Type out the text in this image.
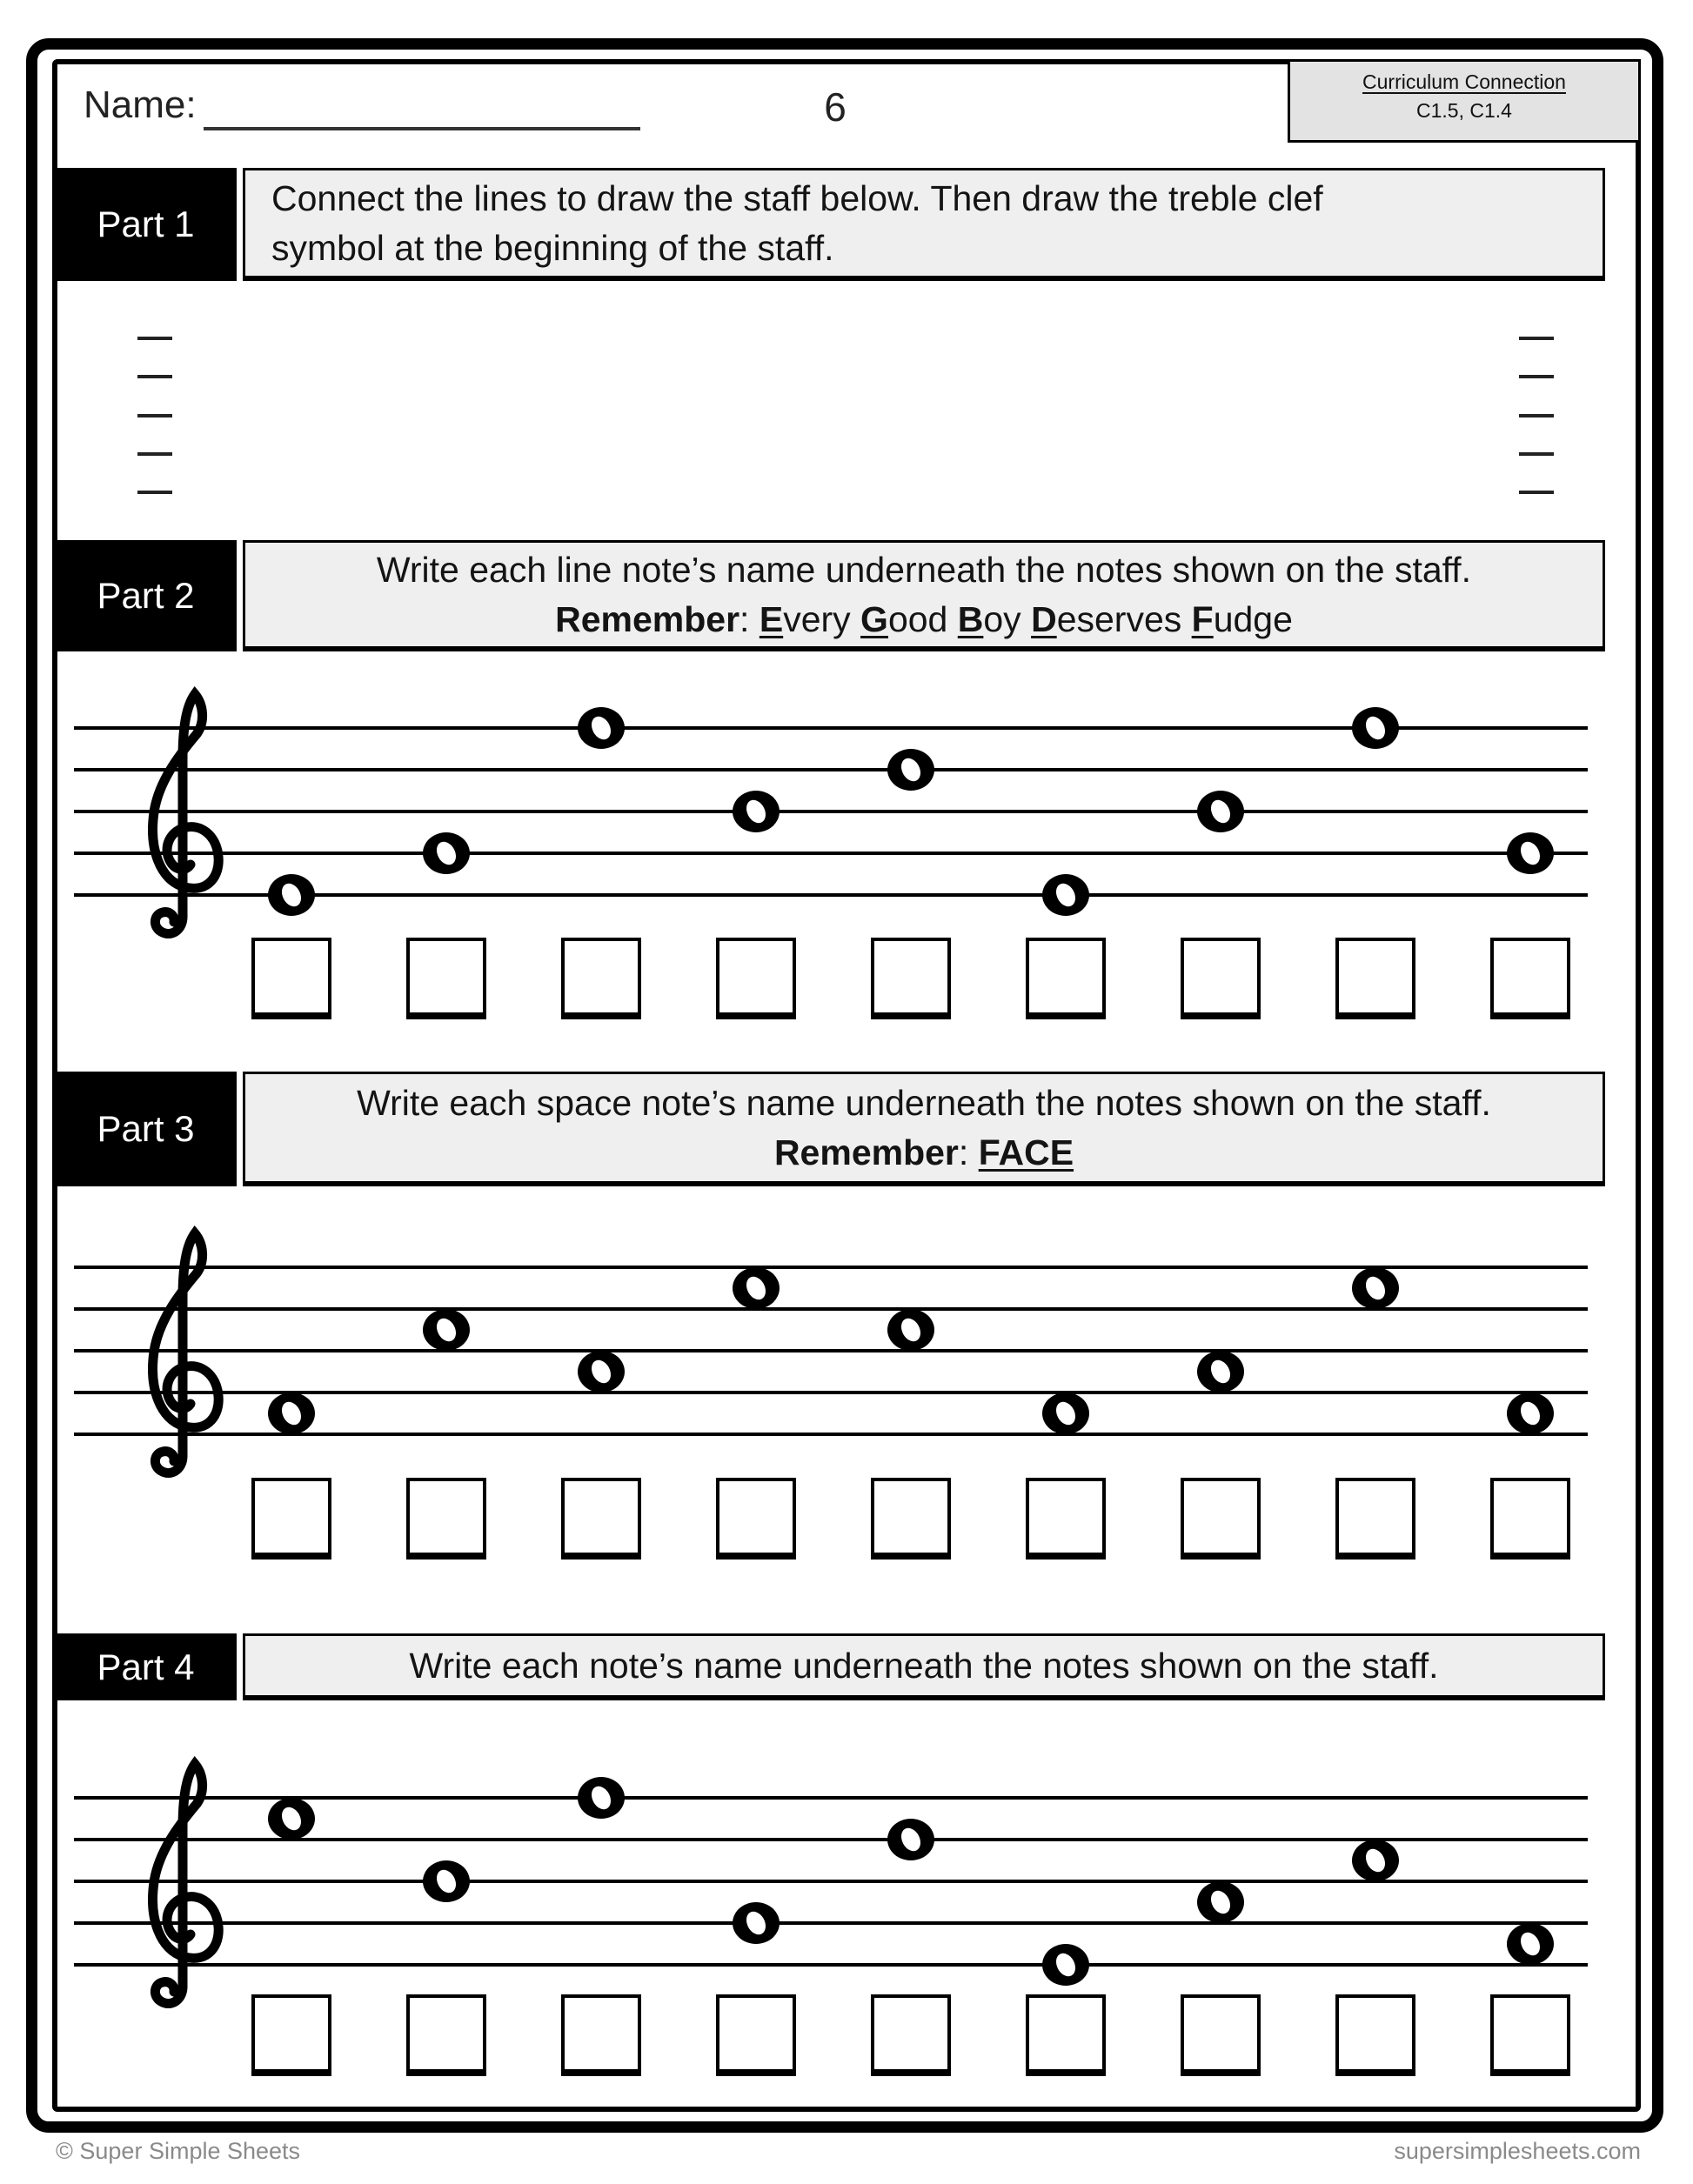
Name:	6
Curriculum Connection
C1.5, C1.4
Part 1
Connect the lines to draw the staff below. Then draw the treble clef
symbol at the beginning of the staff.
Part 2
Write each line note’s name underneath the notes shown on the staff.
Remember: Every Good Boy Deserves Fudge
Part 3
Write each space note’s name underneath the notes shown on the staff.
Remember: FACE
Part 4	Write each note’s name underneath the notes shown on the staff.
© Super Simple Sheets	supersimplesheets.com
